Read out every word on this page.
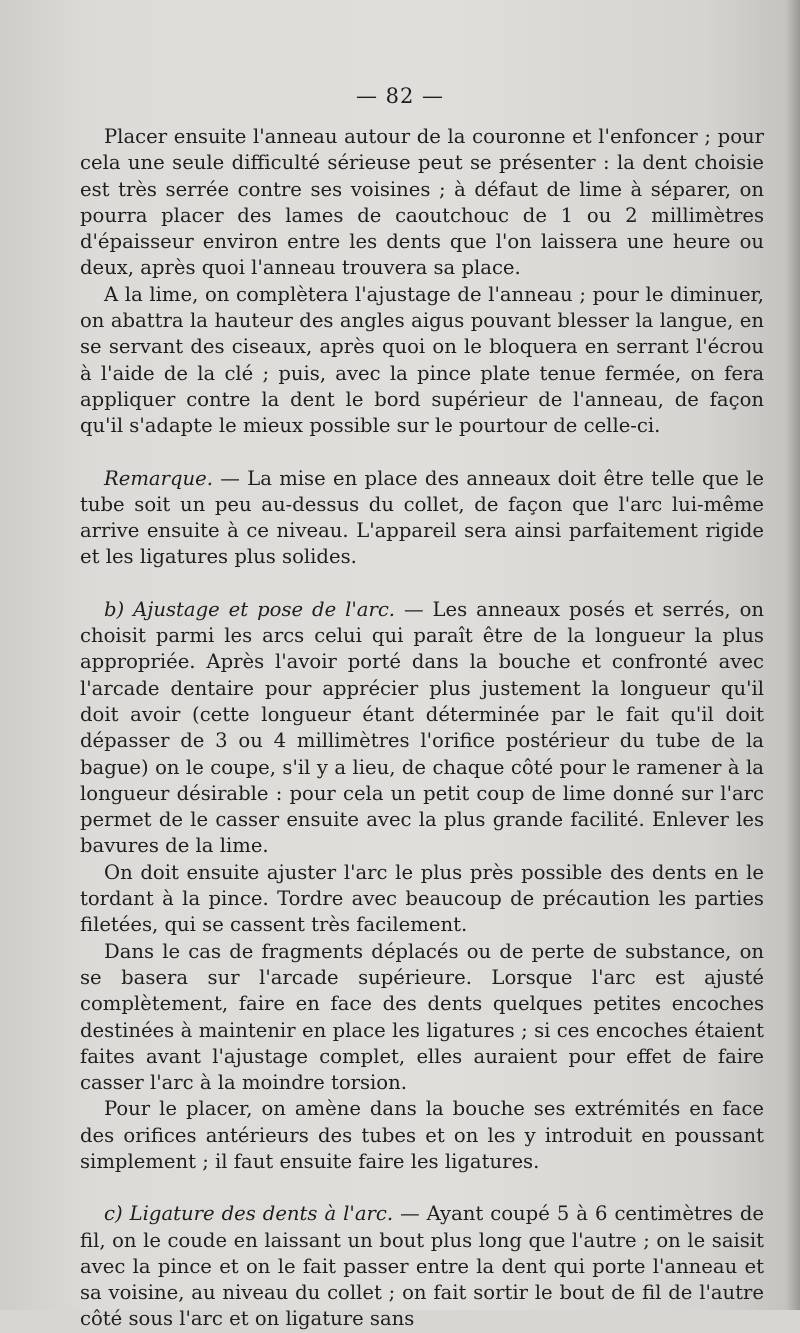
— 82 —

Placer ensuite l'anneau autour de la couronne et l'enfoncer ; pour cela une seule difficulté sérieuse peut se présenter : la dent choisie est très serrée contre ses voisines ; à défaut de lime à séparer, on pourra placer des lames de caoutchouc de 1 ou 2 millimètres d'épaisseur environ entre les dents que l'on laissera une heure ou deux, après quoi l'anneau trouvera sa place.

A la lime, on complètera l'ajustage de l'anneau ; pour le diminuer, on abattra la hauteur des angles aigus pouvant blesser la langue, en se servant des ciseaux, après quoi on le bloquera en serrant l'écrou à l'aide de la clé ; puis, avec la pince plate tenue fermée, on fera appliquer contre la dent le bord supérieur de l'anneau, de façon qu'il s'adapte le mieux possible sur le pourtour de celle-ci.

Remarque. — La mise en place des anneaux doit être telle que le tube soit un peu au-dessus du collet, de façon que l'arc lui-même arrive ensuite à ce niveau. L'appareil sera ainsi parfaitement rigide et les ligatures plus solides.

b) Ajustage et pose de l'arc. — Les anneaux posés et serrés, on choisit parmi les arcs celui qui paraît être de la longueur la plus appropriée. Après l'avoir porté dans la bouche et confronté avec l'arcade dentaire pour apprécier plus justement la longueur qu'il doit avoir (cette longueur étant déterminée par le fait qu'il doit dépasser de 3 ou 4 millimètres l'orifice postérieur du tube de la bague) on le coupe, s'il y a lieu, de chaque côté pour le ramener à la longueur désirable : pour cela un petit coup de lime donné sur l'arc permet de le casser ensuite avec la plus grande facilité. Enlever les bavures de la lime.

On doit ensuite ajuster l'arc le plus près possible des dents en le tordant à la pince. Tordre avec beaucoup de précaution les parties filetées, qui se cassent très facilement.

Dans le cas de fragments déplacés ou de perte de substance, on se basera sur l'arcade supérieure. Lorsque l'arc est ajusté complètement, faire en face des dents quelques petites encoches destinées à maintenir en place les ligatures ; si ces encoches étaient faites avant l'ajustage complet, elles auraient pour effet de faire casser l'arc à la moindre torsion.

Pour le placer, on amène dans la bouche ses extrémités en face des orifices antérieurs des tubes et on les y introduit en poussant simplement ; il faut ensuite faire les ligatures.

c) Ligature des dents à l'arc. — Ayant coupé 5 à 6 centimètres de fil, on le coude en laissant un bout plus long que l'autre ; on le saisit avec la pince et on le fait passer entre la dent qui porte l'anneau et sa voisine, au niveau du collet ; on fait sortir le bout de fil de l'autre côté sous l'arc et on ligature sans
